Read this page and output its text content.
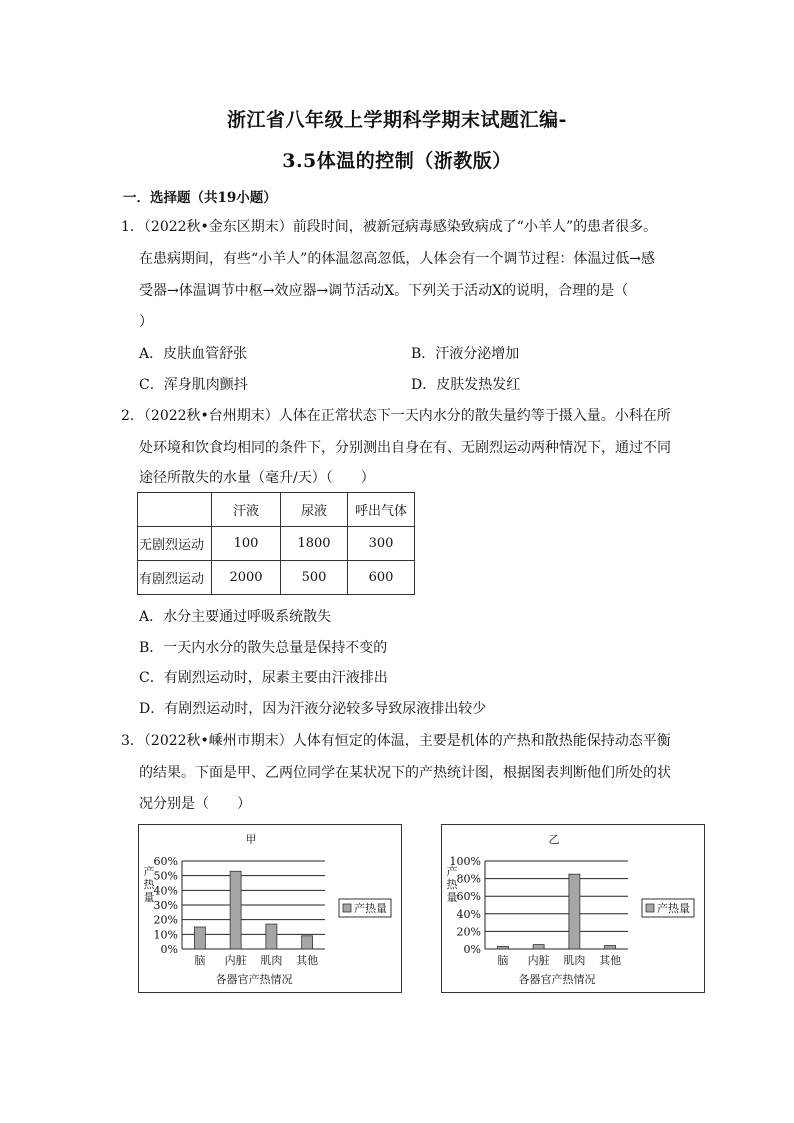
浙江省八年级上学期科学期末试题汇编-
3.5体温的控制（浙教版）
一．选择题（共19小题）
1．（2022秋•金东区期末）前段时间，被新冠病毒感染致病成了“小羊人”的患者很多。
在患病期间，有些“小羊人”的体温忽高忽低，人体会有一个调节过程：体温过低→感
受器→体温调节中枢→效应器→调节活动X。下列关于活动X的说明，合理的是（
）
A．皮肤血管舒张	B．汗液分泌增加
C．浑身肌肉颤抖	D．皮肤发热发红
2．（2022秋•台州期末）人体在正常状态下一天内水分的散失量约等于摄入量。小科在所
处环境和饮食均相同的条件下，分别测出自身在有、无剧烈运动两种情况下，通过不同
途径所散失的水量（毫升/天）（　　）
	汗液	尿液	呼出气体
无剧烈运动	100	1800	300
有剧烈运动	2000	500	600
A．水分主要通过呼吸系统散失
B．一天内水分的散失总量是保持不变的
C．有剧烈运动时，尿素主要由汗液排出
D．有剧烈运动时，因为汗液分泌较多导致尿液排出较少
3．（2022秋•嵊州市期末）人体有恒定的体温，主要是机体的产热和散热能保持动态平衡
的结果。下面是甲、乙两位同学在某状况下的产热统计图，根据图表判断他们所处的状
况分别是（　　）
甲
0%
10%
20%
30%
40%
50%
60%
产
热
量
脑 内脏 肌肉 其他
各器官产热情况
产热量
乙
0%
20%
40%
60%
80%
100%
产
热
量
脑 内脏 肌肉 其他
各器官产热情况
产热量
